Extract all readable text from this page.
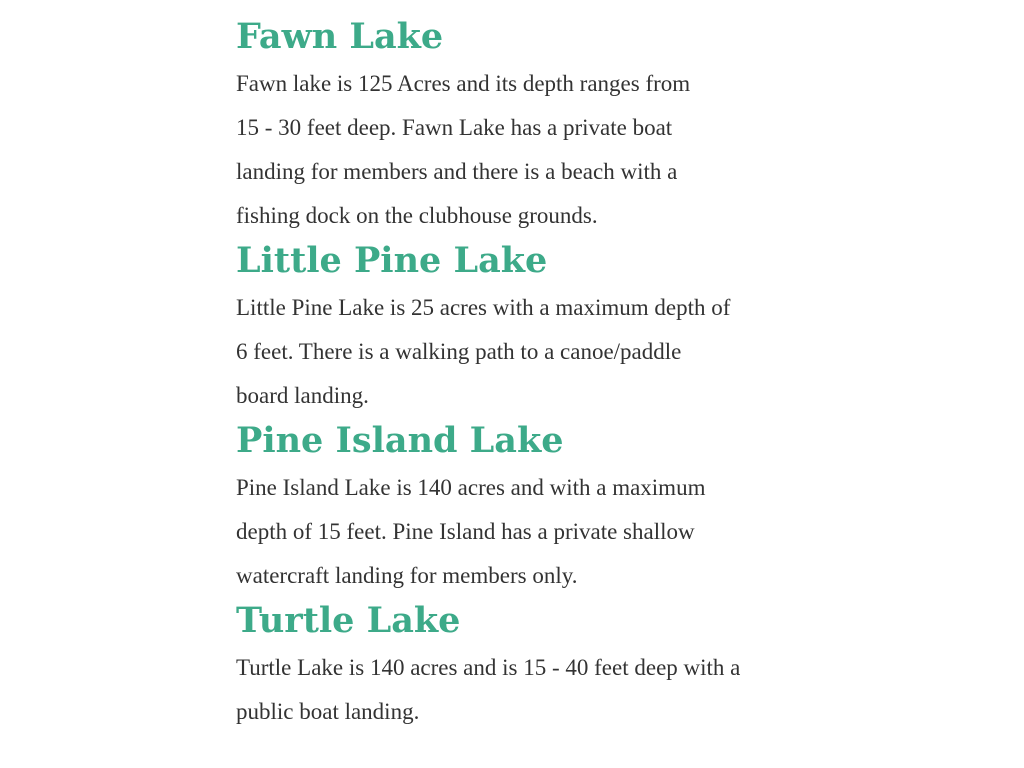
Fawn Lake

Fawn lake is 125 Acres and its depth ranges from
15 - 30 feet deep. Fawn Lake has a private boat
landing for members and there is a beach with a
fishing dock on the clubhouse grounds.

Little Pine Lake

Little Pine Lake is 25 acres with a maximum depth of
6 feet. There is a walking path to a canoe/paddle
board landing.

Pine Island Lake

Pine Island Lake is 140 acres and with a maximum
depth of 15 feet. Pine Island has a private shallow
watercraft landing for members only.

Turtle Lake

Turtle Lake is 140 acres and is 15 - 40 feet deep with a
public boat landing.
